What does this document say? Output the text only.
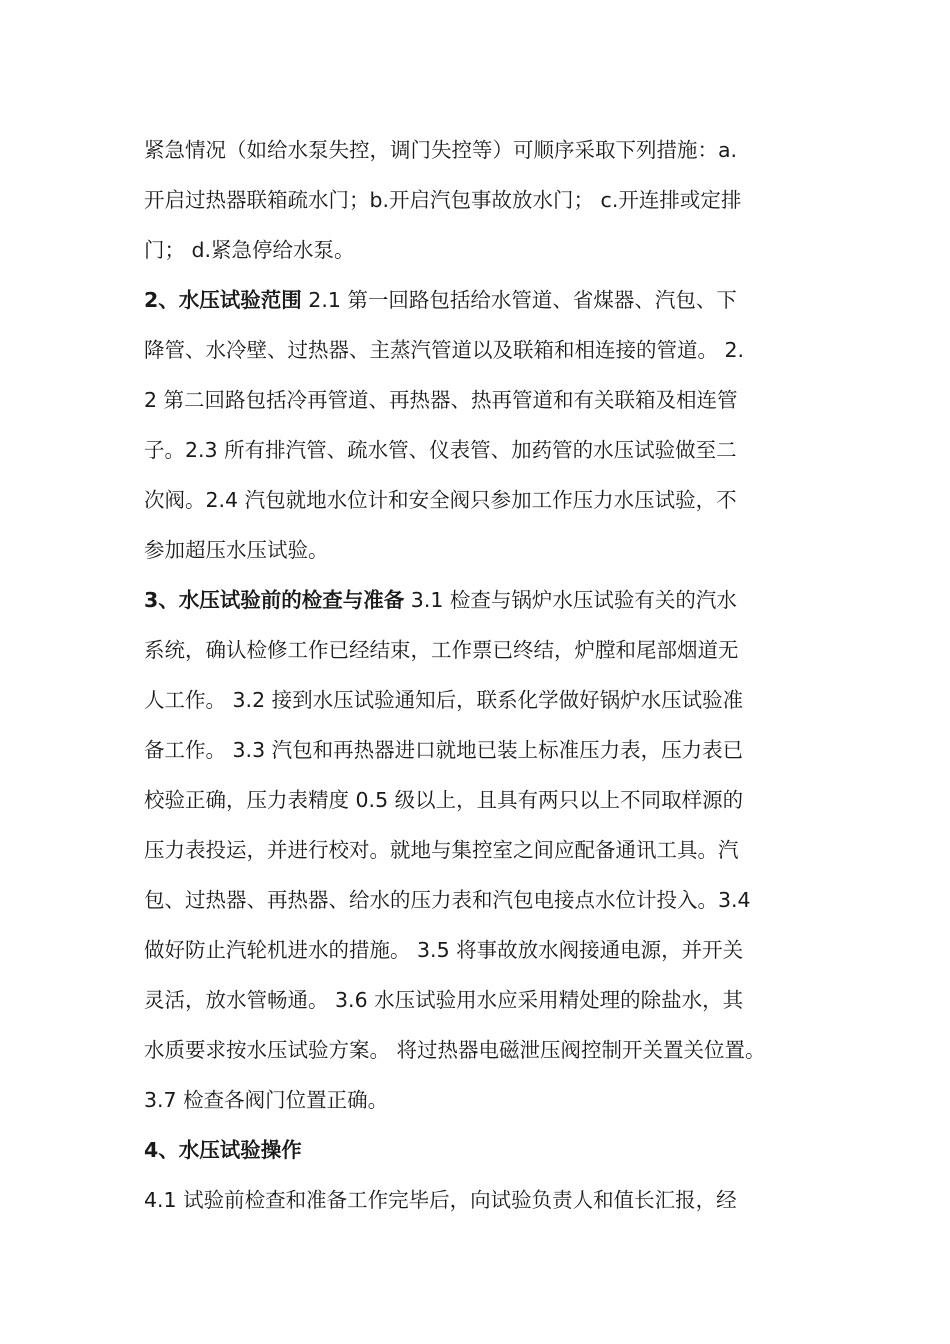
紧急情况（如给水泵失控，调门失控等）可顺序采取下列措施：a.
开启过热器联箱疏水门；b.开启汽包事故放水门； c.开连排或定排
门； d.紧急停给水泵。
2、水压试验范围 2.1 第一回路包括给水管道、省煤器、汽包、下
降管、水冷壁、过热器、主蒸汽管道以及联箱和相连接的管道。 2.
2 第二回路包括冷再管道、再热器、热再管道和有关联箱及相连管
子。2.3 所有排汽管、疏水管、仪表管、加药管的水压试验做至二
次阀。2.4 汽包就地水位计和安全阀只参加工作压力水压试验，不
参加超压水压试验。
3、水压试验前的检查与准备 3.1 检查与锅炉水压试验有关的汽水
系统，确认检修工作已经结束，工作票已终结，炉膛和尾部烟道无
人工作。 3.2 接到水压试验通知后，联系化学做好锅炉水压试验准
备工作。 3.3 汽包和再热器进口就地已装上标准压力表，压力表已
校验正确，压力表精度 0.5 级以上，且具有两只以上不同取样源的
压力表投运，并进行校对。就地与集控室之间应配备通讯工具。汽
包、过热器、再热器、给水的压力表和汽包电接点水位计投入。3.4
做好防止汽轮机进水的措施。 3.5 将事故放水阀接通电源，并开关
灵活，放水管畅通。 3.6 水压试验用水应采用精处理的除盐水，其
水质要求按水压试验方案。 将过热器电磁泄压阀控制开关置关位置。
3.7 检查各阀门位置正确。
4、水压试验操作
4.1 试验前检查和准备工作完毕后，向试验负责人和值长汇报，经
